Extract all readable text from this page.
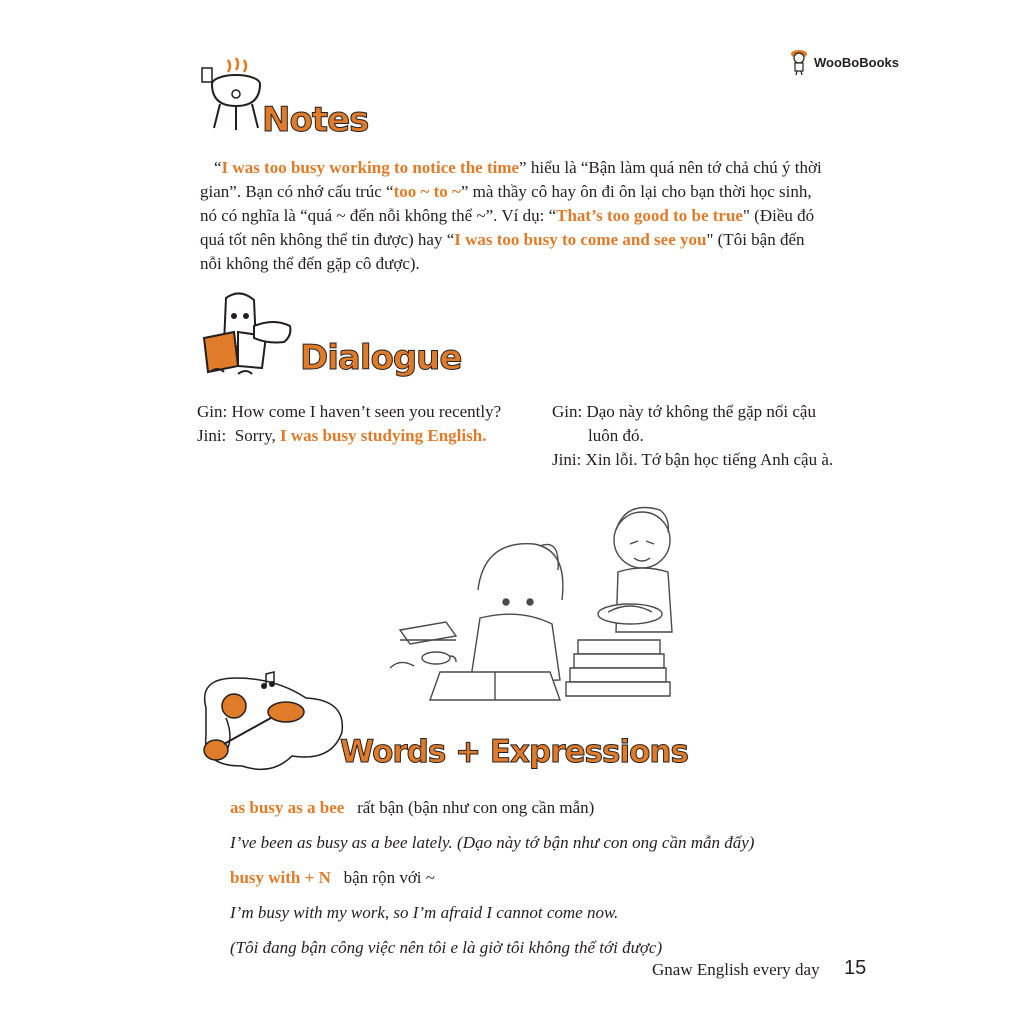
WooBoBooks
Notes
“I was too busy working to notice the time” hiểu là “Bận làm quá nên tớ chả chú ý thời
gian”. Bạn có nhớ cấu trúc “too ~ to ~” mà thầy cô hay ôn đi ôn lại cho bạn thời học sinh,
nó có nghĩa là “quá ~ đến nỗi không thể ~”. Ví dụ: “That’s too good to be true" (Điều đó
quá tốt nên không thể tin được) hay “I was too busy to come and see you" (Tôi bận đến
nỗi không thể đến gặp cô được).
Dialogue
Gin: How come I haven’t seen you recently?
Jini: Sorry, I was busy studying English.
Gin: Dạo này tớ không thể gặp nổi cậu
luôn đó.
Jini: Xin lỗi. Tớ bận học tiếng Anh cậu à.
Words + Expressions
as busy as a bee rất bận (bận như con ong cần mẫn)
I’ve been as busy as a bee lately. (Dạo này tớ bận như con ong cần mẫn đấy)
busy with + N bận rộn với ~
I’m busy with my work, so I’m afraid I cannot come now.
(Tôi đang bận công việc nên tôi e là giờ tôi không thể tới được)
Gnaw English every day 15
